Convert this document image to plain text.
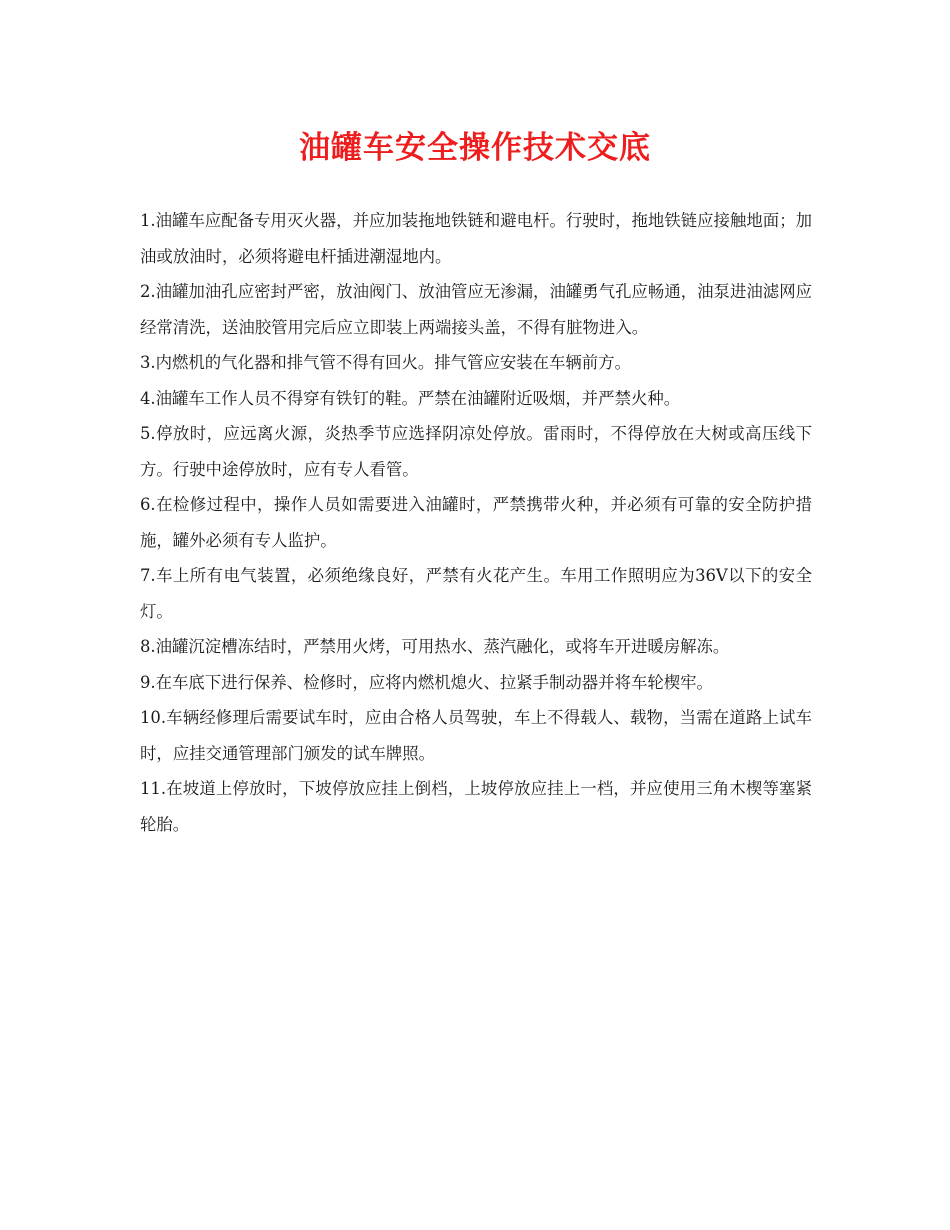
油罐车安全操作技术交底
1.油罐车应配备专用灭火器，并应加装拖地铁链和避电杆。行驶时，拖地铁链应接触地面；加油或放油时，必须将避电杆插进潮湿地内。
2.油罐加油孔应密封严密，放油阀门、放油管应无渗漏，油罐勇气孔应畅通，油泵进油滤网应经常清洗，送油胶管用完后应立即装上两端接头盖，不得有脏物进入。
3.内燃机的气化器和排气管不得有回火。排气管应安装在车辆前方。
4.油罐车工作人员不得穿有铁钉的鞋。严禁在油罐附近吸烟，并严禁火种。
5.停放时，应远离火源，炎热季节应选择阴凉处停放。雷雨时，不得停放在大树或高压线下方。行驶中途停放时，应有专人看管。
6.在检修过程中，操作人员如需要进入油罐时，严禁携带火种，并必须有可靠的安全防护措施，罐外必须有专人监护。
7.车上所有电气装置，必须绝缘良好，严禁有火花产生。车用工作照明应为36V以下的安全灯。
8.油罐沉淀槽冻结时，严禁用火烤，可用热水、蒸汽融化，或将车开进暖房解冻。
9.在车底下进行保养、检修时，应将内燃机熄火、拉紧手制动器并将车轮楔牢。
10.车辆经修理后需要试车时，应由合格人员驾驶，车上不得载人、载物，当需在道路上试车时，应挂交通管理部门颁发的试车牌照。
11.在坡道上停放时，下坡停放应挂上倒档，上坡停放应挂上一档，并应使用三角木楔等塞紧轮胎。
